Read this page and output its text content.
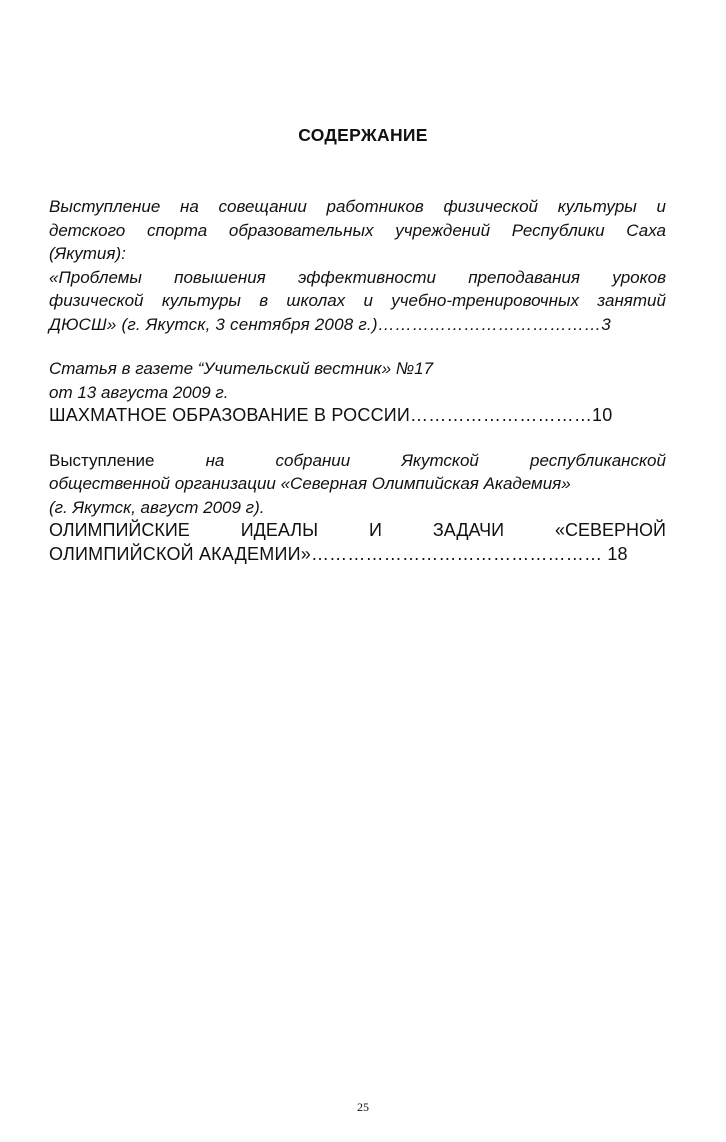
СОДЕРЖАНИЕ
Выступление на совещании работников физической культуры и
детского спорта образовательных учреждений Республики Саха
(Якутия):
«Проблемы повышения эффективности преподавания уроков
физической культуры в школах и учебно-тренировочных занятий
ДЮСШ» (г. Якутск, 3 сентября 2008 г.)…………………………………3
Статья в газете “Учительский вестник» №17
от 13 августа 2009 г.
ШАХМАТНОЕ ОБРАЗОВАНИЕ В РОССИИ…………………………10
Выступление	на	собрании	Якутской	республиканской
общественной организации «Северная Олимпийская Академия»
(г. Якутск, август 2009 г).
ОЛИМПИЙСКИЕ	ИДЕАЛЫ	И	ЗАДАЧИ	«СЕВЕРНОЙ
ОЛИМПИЙСКОЙ АКАДЕМИИ»………………………………………… 18
25
